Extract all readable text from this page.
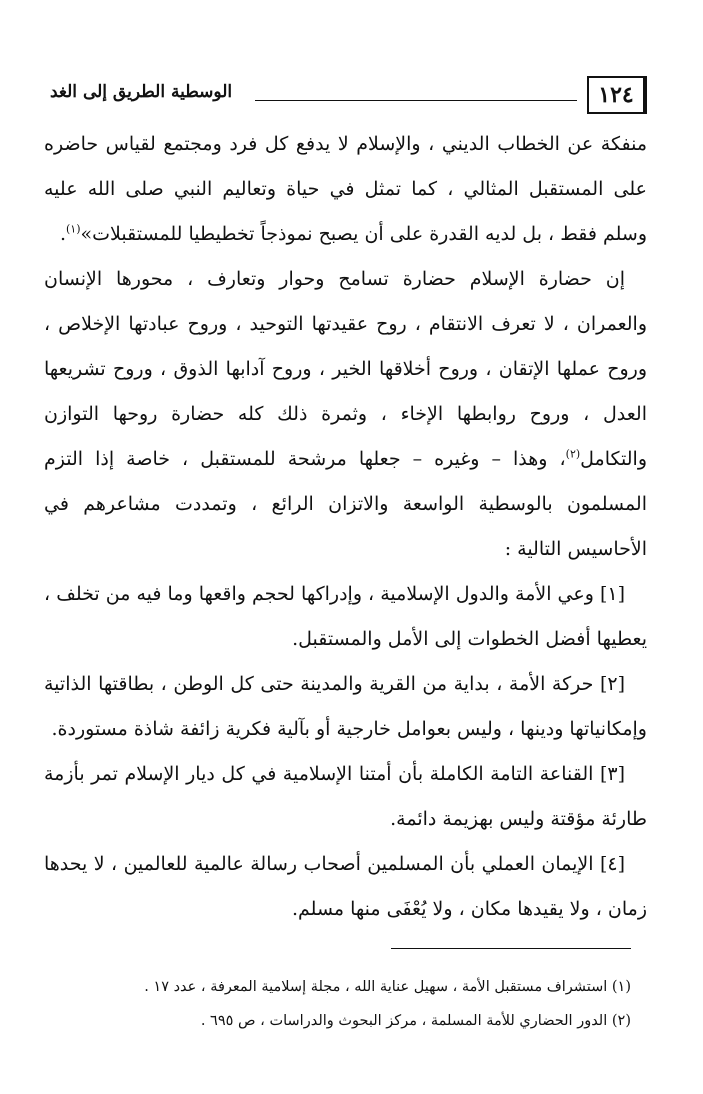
١٢٤
الوسطية الطريق إلى الغد

منفكة عن الخطاب الديني ، والإسلام لا يدفع كل فرد ومجتمع لقياس حاضره على المستقبل المثالي ، كما تمثل في حياة وتعاليم النبي صلى الله عليه وسلم فقط ، بل لديه القدرة على أن يصبح نموذجاً تخطيطيا للمستقبلات»$^{(١)}$.

إن حضارة الإسلام حضارة تسامح وحوار وتعارف ، محورها الإنسان والعمران ، لا تعرف الانتقام ، روح عقيدتها التوحيد ، وروح عبادتها الإخلاص ، وروح عملها الإتقان ، وروح أخلاقها الخير ، وروح آدابها الذوق ، وروح تشريعها العدل ، وروح روابطها الإخاء ، وثمرة ذلك كله حضارة روحها التوازن والتكامل$^{(٢)}$، وهذا – وغيره – جعلها مرشحة للمستقبل ، خاصة إذا التزم المسلمون بالوسطية الواسعة والاتزان الرائع ، وتمددت مشاعرهم في الأحاسيس التالية :

[١] وعي الأمة والدول الإسلامية ، وإدراكها لحجم واقعها وما فيه من تخلف ، يعطيها أفضل الخطوات إلى الأمل والمستقبل.

[٢] حركة الأمة ، بداية من القرية والمدينة حتى كل الوطن ، بطاقتها الذاتية وإمكانياتها ودينها ، وليس بعوامل خارجية أو بآلية فكرية زائفة شاذة مستوردة.

[٣] القناعة التامة الكاملة بأن أمتنا الإسلامية في كل ديار الإسلام تمر بأزمة طارئة مؤقتة وليس بهزيمة دائمة.

[٤] الإيمان العملي بأن المسلمين أصحاب رسالة عالمية للعالمين ، لا يحدها زمان ، ولا يقيدها مكان ، ولا يُعْفَى منها مسلم.

(١) استشراف مستقبل الأمة ، سهيل عناية الله ، مجلة إسلامية المعرفة ، عدد ١٧ .

(٢) الدور الحضاري للأمة المسلمة ، مركز البحوث والدراسات ، ص ٦٩٥ .
